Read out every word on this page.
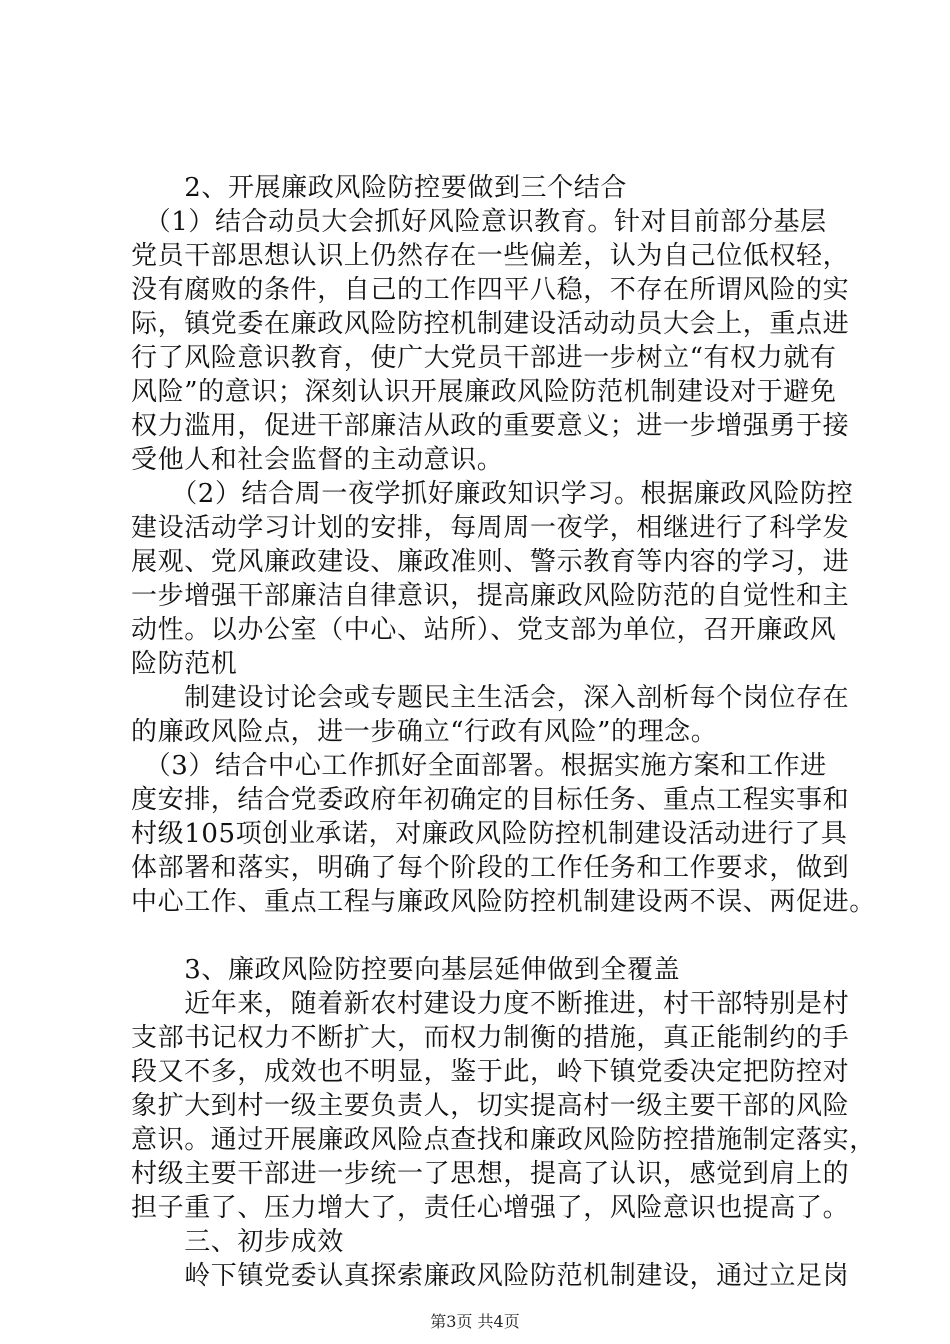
　　2、开展廉政风险防控要做到三个结合
　（1）结合动员大会抓好风险意识教育。针对目前部分基层
党员干部思想认识上仍然存在一些偏差，认为自己位低权轻，
没有腐败的条件，自己的工作四平八稳，不存在所谓风险的实
际，镇党委在廉政风险防控机制建设活动动员大会上，重点进
行了风险意识教育，使广大党员干部进一步树立“有权力就有
风险”的意识；深刻认识开展廉政风险防范机制建设对于避免
权力滥用，促进干部廉洁从政的重要意义；进一步增强勇于接
受他人和社会监督的主动意识。
　　（2）结合周一夜学抓好廉政知识学习。根据廉政风险防控
建设活动学习计划的安排，每周周一夜学，相继进行了科学发
展观、党风廉政建设、廉政准则、警示教育等内容的学习，进
一步增强干部廉洁自律意识，提高廉政风险防范的自觉性和主
动性。以办公室（中心、站所）、党支部为单位，召开廉政风
险防范机
　　制建设讨论会或专题民主生活会，深入剖析每个岗位存在
的廉政风险点，进一步确立“行政有风险”的理念。
　（3）结合中心工作抓好全面部署。根据实施方案和工作进
度安排，结合党委政府年初确定的目标任务、重点工程实事和
村级105项创业承诺，对廉政风险防控机制建设活动进行了具
体部署和落实，明确了每个阶段的工作任务和工作要求，做到
中心工作、重点工程与廉政风险防控机制建设两不误、两促进。
　　3、廉政风险防控要向基层延伸做到全覆盖
　　近年来，随着新农村建设力度不断推进，村干部特别是村
支部书记权力不断扩大，而权力制衡的措施，真正能制约的手
段又不多，成效也不明显，鉴于此，岭下镇党委决定把防控对
象扩大到村一级主要负责人，切实提高村一级主要干部的风险
意识。通过开展廉政风险点查找和廉政风险防控措施制定落实，
村级主要干部进一步统一了思想，提高了认识，感觉到肩上的
担子重了、压力增大了，责任心增强了，风险意识也提高了。
　　三、初步成效
　　岭下镇党委认真探索廉政风险防范机制建设，通过立足岗
第3页 共4页
